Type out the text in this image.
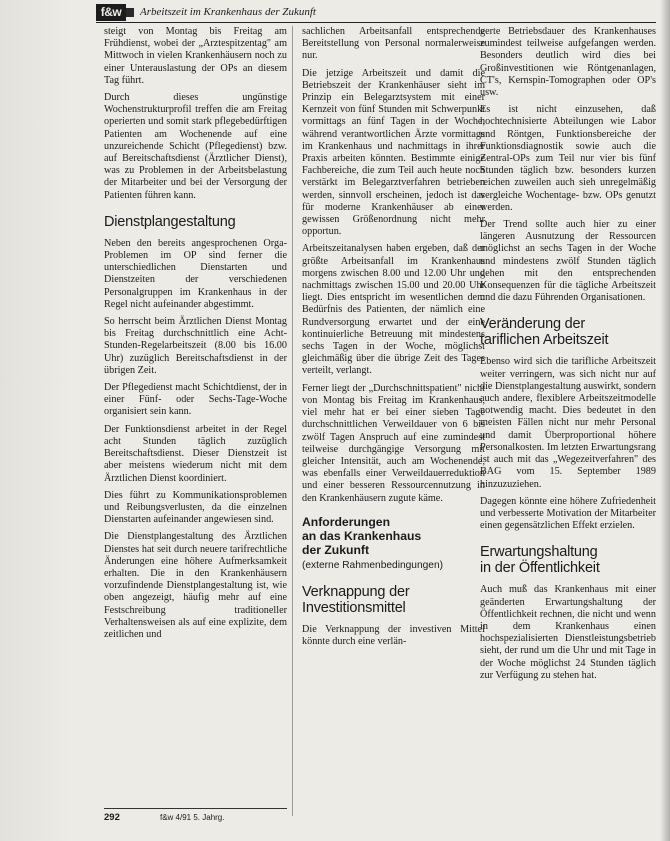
f&w	Arbeitszeit im Krankenhaus der Zukunft

steigt von Montag bis Freitag am Frühdienst, wobei der „Arztespitzentag" am Mittwoch in vielen Krankenhäusern noch zu einer Unterauslastung der OPs an diesem Tag führt.

Durch dieses ungünstige Wochenstrukturprofil treffen die am Freitag operierten und somit stark pflegebedürftigen Patienten am Wochenende auf eine unzureichende Schicht (Pflegedienst) bzw. auf Bereitschaftsdienst (Ärztlicher Dienst), was zu Problemen in der Arbeitsbelastung der Mitarbeiter und bei der Versorgung der Patienten führen kann.

Dienstplangestaltung

Neben den bereits angesprochenen Orga-Problemen im OP sind ferner die unterschiedlichen Dienstarten und Dienstzeiten der verschiedenen Personalgruppen im Krankenhaus in der Regel nicht aufeinander abgestimmt.

So herrscht beim Ärztlichen Dienst Montag bis Freitag durchschnittlich eine Acht-Stunden-Regelarbeitszeit (8.00 bis 16.00 Uhr) zuzüglich Bereitschaftsdienst in der übrigen Zeit.

Der Pflegedienst macht Schichtdienst, der in einer Fünf- oder Sechs-Tage-Woche organisiert sein kann.

Der Funktionsdienst arbeitet in der Regel acht Stunden täglich zuzüglich Bereitschaftsdienst. Dieser Dienstzeit ist aber meistens wiederum nicht mit dem Ärztlichen Dienst koordiniert.

Dies führt zu Kommunikationsproblemen und Reibungsverlusten, da die einzelnen Dienstarten aufeinander angewiesen sind.

Die Dienstplangestaltung des Ärztlichen Dienstes hat seit durch neuere tarifrechtliche Änderungen eine höhere Aufmerksamkeit erhalten. Die in den Krankenhäusern vorzufindende Dienstplangestaltung ist, wie oben angezeigt, häufig mehr auf eine Festschreibung traditioneller Verhaltensweisen als auf eine explizite, dem zeitlichen und

sachlichen Arbeitsanfall entsprechende Bereitstellung von Personal normalerweise nur.

Die jetzige Arbeitszeit und damit die Betriebszeit der Krankenhäuser sieht im Prinzip ein Belegarztsystem mit einer Kernzeit von fünf Stunden mit Schwerpunkt vormittags an fünf Tagen in der Woche, während verantwortlichen Ärzte vormittags im Krankenhaus und nachmittags in ihrer Praxis arbeiten könnten. Bestimmte einige Fachbereiche, die zum Teil auch heute noch verstärkt im Belegarztverfahren betrieben werden, sinnvoll erscheinen, jedoch ist das für moderne Krankenhäuser ab einer gewissen Größenordnung nicht mehr opportun.

Arbeitszeitanalysen haben ergeben, daß der größte Arbeitsanfall im Krankenhaus morgens zwischen 8.00 und 12.00 Uhr und nachmittags zwischen 15.00 und 20.00 Uhr liegt. Dies entspricht im wesentlichen dem Bedürfnis des Patienten, der nämlich eine Rundversorgung erwartet und der eine kontinuierliche Betreuung mit mindestens sechs Tagen in der Woche, möglichst gleichmäßig über die übrige Zeit des Tages verteilt, verlangt.

Ferner liegt der „Durchschnittspatient" nicht von Montag bis Freitag im Krankenhaus, viel mehr hat er bei einer sieben Tage durchschnittlichen Verweildauer von 6 bis zwölf Tagen Anspruch auf eine zumindest teilweise durchgängige Versorgung mit gleicher Intensität, auch am Wochenende, was ebenfalls einer Verweildauerreduktion und einer besseren Ressourcennutzung in den Krankenhäusern zugute käme.

Anforderungen
an das Krankenhaus
der Zukunft
(externe Rahmenbedingungen)
Verknappung der
Investitionsmittel

Die Verknappung der investiven Mittel könnte durch eine verlän-

gerte Betriebsdauer des Krankenhauses zumindest teilweise aufgefangen werden. Besonders deutlich wird dies bei Großinvestitionen wie Röntgenanlagen, CT's, Kernspin-Tomographen oder OP's usw.

Es ist nicht einzusehen, daß hochtechnisierte Abteilungen wie Labor und Röntgen, Funktionsbereiche der Funktionsdiagnostik sowie auch die Zentral-OPs zum Teil nur vier bis fünf Stunden täglich bzw. besonders kurzen reichen zuweilen auch sieh unregelmäßig vergleiche Wochentage- bzw. OPs genutzt werden.

Der Trend sollte auch hier zu einer längeren Ausnutzung der Ressourcen möglichst an sechs Tagen in der Woche und mindestens zwölf Stunden täglich gehen mit den entsprechenden Konsequenzen für die tägliche Arbeitszeit und die dazu Führenden Organisationen.

Veränderung der
tariflichen Arbeitszeit

Ebenso wird sich die tarifliche Arbeitszeit weiter verringern, was sich nicht nur auf die Dienstplangestaltung auswirkt, sondern auch andere, flexiblere Arbeitszeitmodelle notwendig macht. Dies bedeutet in den meisten Fällen nicht nur mehr Personal und damit Überproportional höhere Personalkosten. Im letzten Erwartungsrang ist auch mit das „Wegezeitverfahren" des BAG vom 15. September 1989 hinzuzuziehen.

Dagegen könnte eine höhere Zufriedenheit und verbesserte Motivation der Mitarbeiter einen gegensätzlichen Effekt erzielen.

Erwartungshaltung
in der Öffentlichkeit

Auch muß das Krankenhaus mit einer geänderten Erwartungshaltung der Öffentlichkeit rechnen, die nicht und wenn in dem Krankenhaus einen hochspezialisierten Dienstleistungsbetrieb sieht, der rund um die Uhr und mit Tage in der Woche möglichst 24 Stunden täglich zur Verfügung zu stehen hat.

292	f&w 4/91 5. Jahrg.
